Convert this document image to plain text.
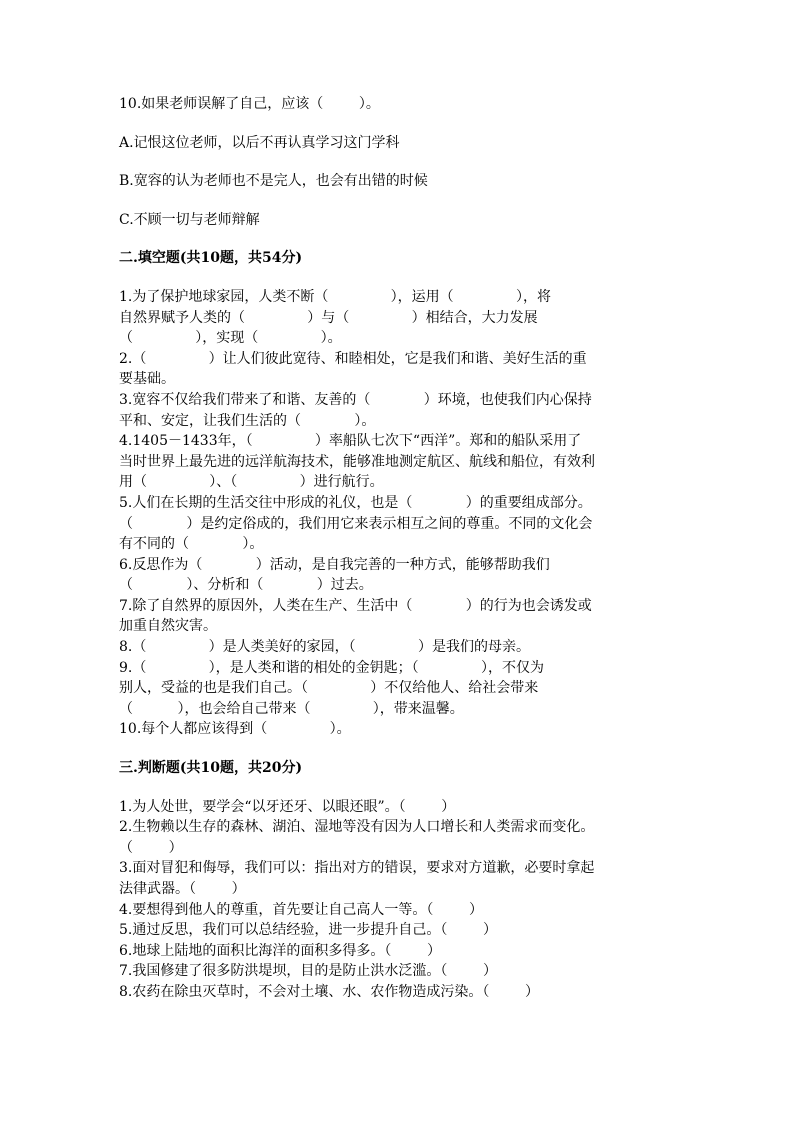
10.如果老师误解了自己，应该（        ）。

A.记恨这位老师，以后不再认真学习这门学科

B.宽容的认为老师也不是完人，也会有出错的时候

C.不顾一切与老师辩解

二.填空题(共10题，共54分)

1.为了保护地球家园，人类不断（              ），运用（              ），将

自然界赋予人类的（              ）与（              ）相结合，大力发展

（              ），实现（              ）。

2.（              ）让人们彼此宽待、和睦相处，它是我们和谐、美好生活的重

要基础。

3.宽容不仅给我们带来了和谐、友善的（            ）环境，也使我们内心保持

平和、安定，让我们生活的（            ）。

4.1405－1433年，（              ）率船队七次下“西洋”。郑和的船队采用了

当时世界上最先进的远洋航海技术，能够准地测定航区、航线和船位，有效利

用（              ）、（              ）进行航行。

5.人们在长期的生活交往中形成的礼仪，也是（            ）的重要组成部分。

（            ）是约定俗成的，我们用它来表示相互之间的尊重。不同的文化会

有不同的（            ）。

6.反思作为（            ）活动，是自我完善的一种方式，能够帮助我们

（            ）、分析和（            ）过去。

7.除了自然界的原因外，人类在生产、生活中（            ）的行为也会诱发或

加重自然灾害。

8.（              ）是人类美好的家园，（              ）是我们的母亲。

9.（              ），是人类和谐的相处的金钥匙；（              ），不仅为

别人，受益的也是我们自己。（              ）不仅给他人、给社会带来

（          ），也会给自己带来（              ），带来温馨。

10.每个人都应该得到（              ）。

三.判断题(共10题，共20分)

1.为人处世，要学会“以牙还牙、以眼还眼”。（        ）

2.生物赖以生存的森林、湖泊、湿地等没有因为人口增长和人类需求而变化。

（        ）

3.面对冒犯和侮辱，我们可以：指出对方的错误，要求对方道歉，必要时拿起

法律武器。（        ）

4.要想得到他人的尊重，首先要让自己高人一等。（        ）

5.通过反思，我们可以总结经验，进一步提升自己。（        ）

6.地球上陆地的面积比海洋的面积多得多。（        ）

7.我国修建了很多防洪堤坝，目的是防止洪水泛滥。（        ）

8.农药在除虫灭草时，不会对土壤、水、农作物造成污染。（        ）
